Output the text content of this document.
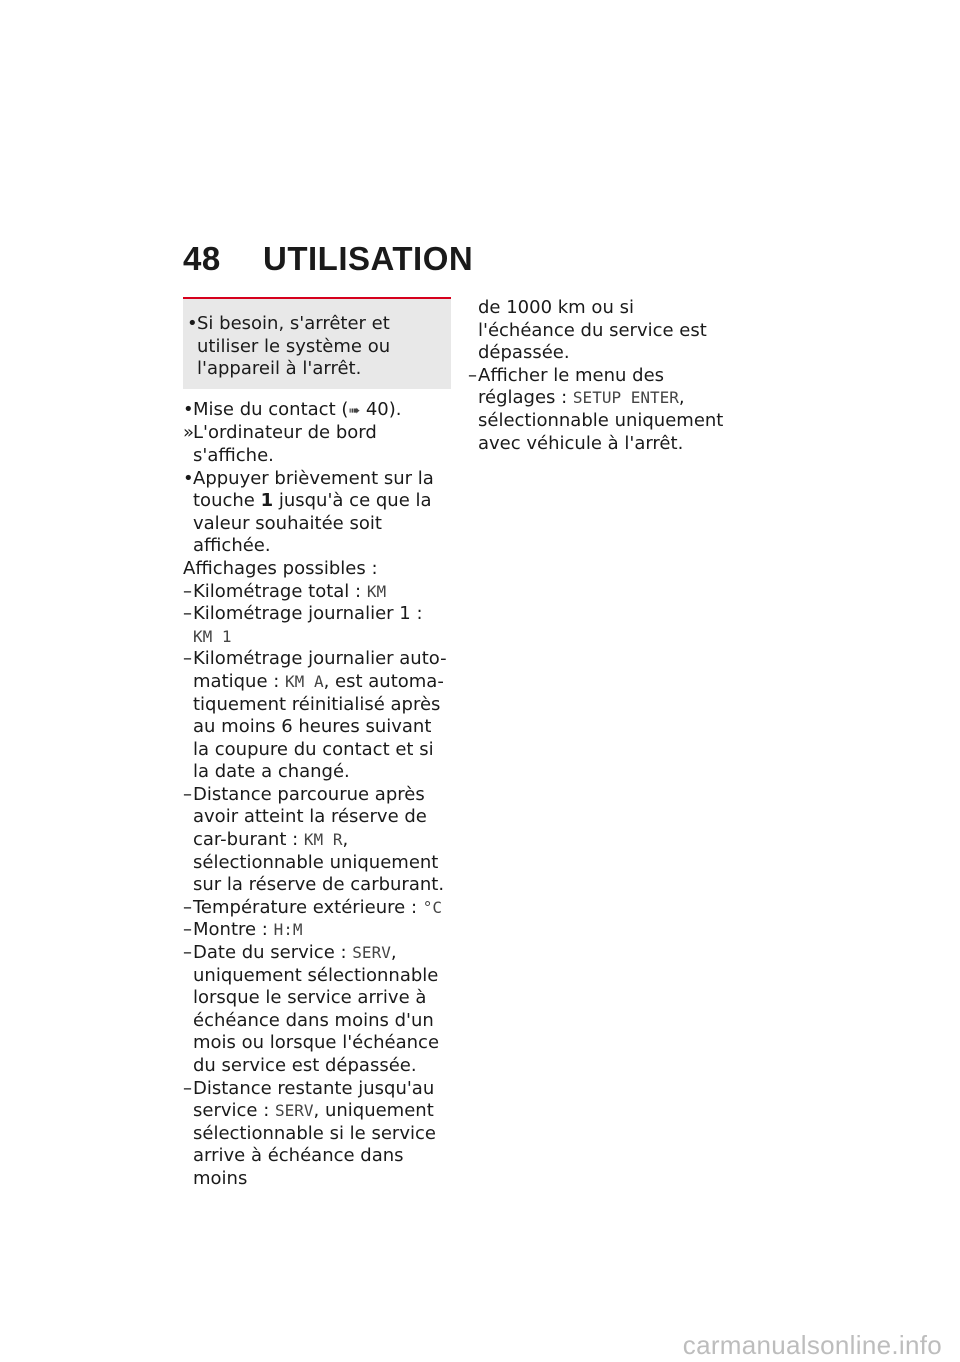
48 UTILISATION
• Si besoin, s'arrêter et utiliser le système ou l'appareil à l'arrêt.
• Mise du contact (➠ 40).
»
L'ordinateur de bord s'affiche.
• Appuyer brièvement sur la touche 1 jusqu'à ce que la valeur souhaitée soit affichée.
Affichages possibles :
– Kilométrage total : KM
– Kilométrage journalier 1 :
KM 1
– Kilométrage journalier auto-matique : KM A, est automa-tiquement réinitialisé après au moins 6 heures suivant la coupure du contact et si la date a changé.
– Distance parcourue après avoir atteint la réserve de car-burant : KM R, sélectionnable uniquement sur la réserve de carburant.
– Température extérieure : °C
– Montre : H:M
– Date du service : SERV, uniquement sélectionnable lorsque le service arrive à échéance dans moins d'un mois ou lorsque l'échéance du service est dépassée.
– Distance restante jusqu'au service : SERV, uniquement sélectionnable si le service arrive à échéance dans moins
de 1000 km ou si l'échéance du service est dépassée.
– Afficher le menu des réglages : SETUP ENTER, sélectionnable uniquement avec véhicule à l'arrêt.
carmanualsonline.info
